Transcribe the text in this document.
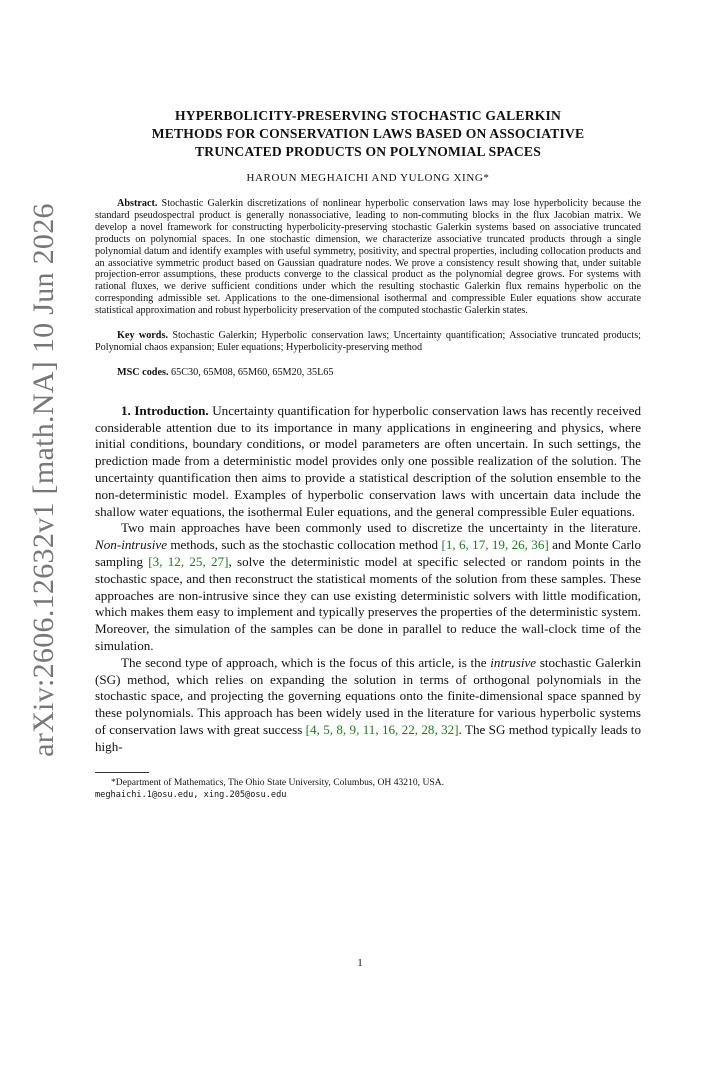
arXiv:2606.12632v1 [math.NA] 10 Jun 2026
HYPERBOLICITY-PRESERVING STOCHASTIC GALERKIN
METHODS FOR CONSERVATION LAWS BASED ON ASSOCIATIVE
TRUNCATED PRODUCTS ON POLYNOMIAL SPACES
HAROUN MEGHAICHI AND YULONG XING*

Abstract. Stochastic Galerkin discretizations of nonlinear hyperbolic conservation laws may lose hyperbolicity because the standard pseudospectral product is generally nonassociative, leading to non-commuting blocks in the flux Jacobian matrix. We develop a novel framework for constructing hyperbolicity-preserving stochastic Galerkin systems based on associative truncated products on polynomial spaces. In one stochastic dimension, we characterize associative truncated products through a single polynomial datum and identify examples with useful symmetry, positivity, and spectral properties, including collocation products and an associative symmetric product based on Gaussian quadrature nodes. We prove a consistency result showing that, under suitable projection-error assumptions, these products converge to the classical product as the polynomial degree grows. For systems with rational fluxes, we derive sufficient conditions under which the resulting stochastic Galerkin flux remains hyperbolic on the corresponding admissible set. Applications to the one-dimensional isothermal and compressible Euler equations show accurate statistical approximation and robust hyperbolicity preservation of the computed stochastic Galerkin states.

Key words. Stochastic Galerkin; Hyperbolic conservation laws; Uncertainty quantification; Associative truncated products; Polynomial chaos expansion; Euler equations; Hyperbolicity-preserving method

MSC codes. 65C30, 65M08, 65M60, 65M20, 35L65

1. Introduction. Uncertainty quantification for hyperbolic conservation laws has recently received considerable attention due to its importance in many applications in engineering and physics, where initial conditions, boundary conditions, or model parameters are often uncertain. In such settings, the prediction made from a deterministic model provides only one possible realization of the solution. The uncertainty quantification then aims to provide a statistical description of the solution ensemble to the non-deterministic model. Examples of hyperbolic conservation laws with uncertain data include the shallow water equations, the isothermal Euler equations, and the general compressible Euler equations.

Two main approaches have been commonly used to discretize the uncertainty in the literature. Non-intrusive methods, such as the stochastic collocation method [1, 6, 17, 19, 26, 36] and Monte Carlo sampling [3, 12, 25, 27], solve the deterministic model at specific selected or random points in the stochastic space, and then reconstruct the statistical moments of the solution from these samples. These approaches are non-intrusive since they can use existing deterministic solvers with little modification, which makes them easy to implement and typically preserves the properties of the deterministic system. Moreover, the simulation of the samples can be done in parallel to reduce the wall-clock time of the simulation.

The second type of approach, which is the focus of this article, is the intrusive stochastic Galerkin (SG) method, which relies on expanding the solution in terms of orthogonal polynomials in the stochastic space, and projecting the governing equations onto the finite-dimensional space spanned by these polynomials. This approach has been widely used in the literature for various hyperbolic systems of conservation laws with great success [4, 5, 8, 9, 11, 16, 22, 28, 32]. The SG method typically leads to high-

*Department of Mathematics, The Ohio State University, Columbus, OH 43210, USA.
meghaichi.1@osu.edu, xing.205@osu.edu
1
